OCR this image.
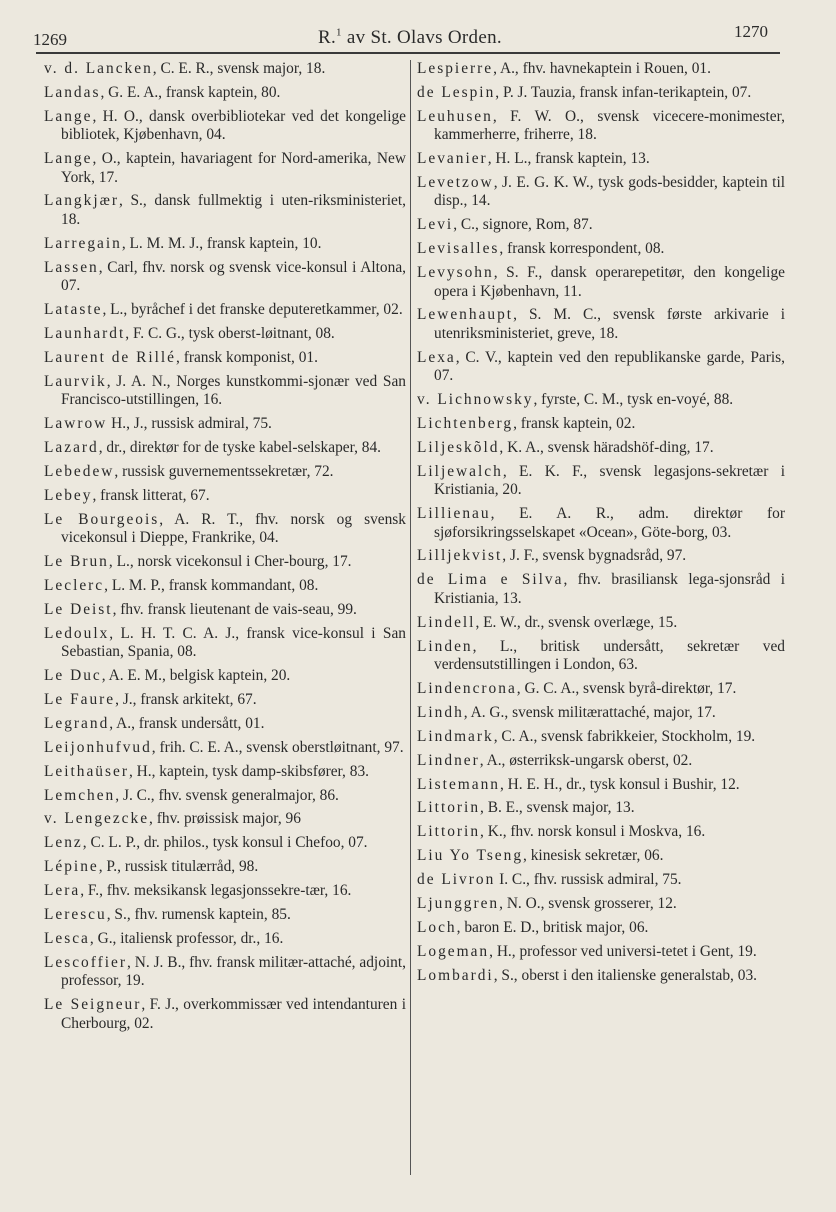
1269	R.$^1$ av St. Olavs Orden.	1270

v. d. Lancken, C. E. R., svensk major, 18.

Landas, G. E. A., fransk kaptein, 80.

Lange, H. O., dansk overbibliotekar ved det kongelige bibliotek, Kjøbenhavn, 04.

Lange, O., kaptein, havariagent for Nord-amerika, New York, 17.

Langkjær, S., dansk fullmektig i uten-riksministeriet, 18.

Larregain, L. M. M. J., fransk kaptein, 10.

Lassen, Carl, fhv. norsk og svensk vice-konsul i Altona, 07.

Lataste, L., byråchef i det franske deputeretkammer, 02.

Launhardt, F. C. G., tysk oberst-løitnant, 08.

Laurent de Rillé, fransk komponist, 01.

Laurvik, J. A. N., Norges kunstkommi-sjonær ved San Francisco-utstillingen, 16.

Lawrow H., J., russisk admiral, 75.

Lazard, dr., direktør for de tyske kabel-selskaper, 84.

Lebedew, russisk guvernementssekretær, 72.

Lebey, fransk litterat, 67.

Le Bourgeois, A. R. T., fhv. norsk og svensk vicekonsul i Dieppe, Frankrike, 04.

Le Brun, L., norsk vicekonsul i Cher-bourg, 17.

Leclerc, L. M. P., fransk kommandant, 08.

Le Deist, fhv. fransk lieutenant de vais-seau, 99.

Ledoulx, L. H. T. C. A. J., fransk vice-konsul i San Sebastian, Spania, 08.

Le Duc, A. E. M., belgisk kaptein, 20.

Le Faure, J., fransk arkitekt, 67.

Legrand, A., fransk undersått, 01.

Leijonhufvud, frih. C. E. A., svensk oberstløitnant, 97.

Leithaüser, H., kaptein, tysk damp-skibsfører, 83.

Lemchen, J. C., fhv. svensk generalmajor, 86.

v. Lengezcke, fhv. prøissisk major, 96

Lenz, C. L. P., dr. philos., tysk konsul i Chefoo, 07.

Lépine, P., russisk titulærråd, 98.

Lera, F., fhv. meksikansk legasjonssekre-tær, 16.

Lerescu, S., fhv. rumensk kaptein, 85.

Lesca, G., italiensk professor, dr., 16.

Lescoffier, N. J. B., fhv. fransk militær-attaché, adjoint, professor, 19.

Le Seigneur, F. J., overkommissær ved intendanturen i Cherbourg, 02.

Lespierre, A., fhv. havnekaptein i Rouen, 01.

de Lespin, P. J. Tauzia, fransk infan-terikaptein, 07.

Leuhusen, F. W. O., svensk vicecere-monimester, kammerherre, friherre, 18.

Levanier, H. L., fransk kaptein, 13.

Levetzow, J. E. G. K. W., tysk gods-besidder, kaptein til disp., 14.

Levi, C., signore, Rom, 87.

Levisalles, fransk korrespondent, 08.

Levysohn, S. F., dansk operarepetitør, den kongelige opera i Kjøbenhavn, 11.

Lewenhaupt, S. M. C., svensk første arkivarie i utenriksministeriet, greve, 18.

Lexa, C. V., kaptein ved den republikanske garde, Paris, 07.

v. Lichnowsky, fyrste, C. M., tysk en-voyé, 88.

Lichtenberg, fransk kaptein, 02.

Liljeskõld, K. A., svensk häradshöf-ding, 17.

Liljewalch, E. K. F., svensk legasjons-sekretær i Kristiania, 20.

Lillienau, E. A. R., adm. direktør for sjøforsikringsselskapet «Ocean», Göte-borg, 03.

Lilljekvist, J. F., svensk bygnadsråd, 97.

de Lima e Silva, fhv. brasiliansk lega-sjonsråd i Kristiania, 13.

Lindell, E. W., dr., svensk overlæge, 15.

Linden, L., britisk undersått, sekretær ved verdensutstillingen i London, 63.

Lindencrona, G. C. A., svensk byrå-direktør, 17.

Lindh, A. G., svensk militærattaché, major, 17.

Lindmark, C. A., svensk fabrikkeier, Stockholm, 19.

Lindner, A., østerriksk-ungarsk oberst, 02.

Listemann, H. E. H., dr., tysk konsul i Bushir, 12.

Littorin, B. E., svensk major, 13.

Littorin, K., fhv. norsk konsul i Moskva, 16.

Liu Yo Tseng, kinesisk sekretær, 06.

de Livron I. C., fhv. russisk admiral, 75.

Ljunggren, N. O., svensk grosserer, 12.

Loch, baron E. D., britisk major, 06.

Logeman, H., professor ved universi-tetet i Gent, 19.

Lombardi, S., oberst i den italienske generalstab, 03.
